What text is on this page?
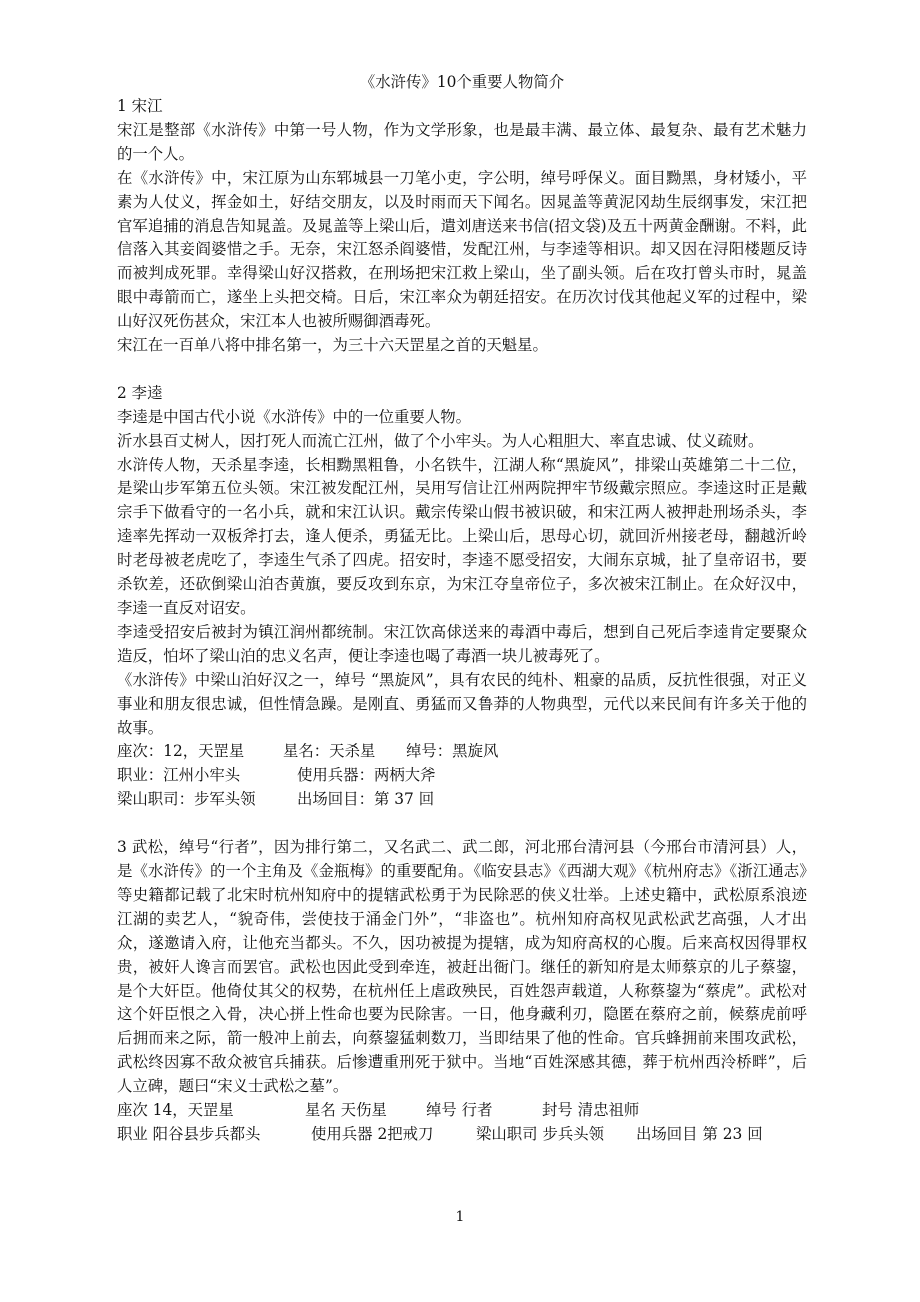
《水浒传》10个重要人物简介

1 宋江

宋江是整部《水浒传》中第一号人物，作为文学形象，也是最丰满、最立体、最复杂、最有艺术魅力的一个人。

在《水浒传》中，宋江原为山东郓城县一刀笔小吏，字公明，绰号呼保义。面目黝黑，身材矮小，平素为人仗义，挥金如土，好结交朋友，以及时雨而天下闻名。因晁盖等黄泥冈劫生辰纲事发，宋江把官军追捕的消息告知晁盖。及晁盖等上梁山后，遣刘唐送来书信(招文袋)及五十两黄金酬谢。不料，此信落入其妾阎婆惜之手。无奈，宋江怒杀阎婆惜，发配江州，与李逵等相识。却又因在浔阳楼题反诗而被判成死罪。幸得梁山好汉搭救，在刑场把宋江救上梁山，坐了副头领。后在攻打曾头市时，晁盖眼中毒箭而亡，遂坐上头把交椅。日后，宋江率众为朝廷招安。在历次讨伐其他起义军的过程中，梁山好汉死伤甚众，宋江本人也被所赐御酒毒死。

宋江在一百单八将中排名第一，为三十六天罡星之首的天魁星。

2 李逵

李逵是中国古代小说《水浒传》中的一位重要人物。

沂水县百丈树人，因打死人而流亡江州，做了个小牢头。为人心粗胆大、率直忠诚、仗义疏财。

水浒传人物，天杀星李逵，长相黝黑粗鲁，小名铁牛，江湖人称“黑旋风”，排梁山英雄第二十二位，是梁山步军第五位头领。宋江被发配江州，吴用写信让江州两院押牢节级戴宗照应。李逵这时正是戴宗手下做看守的一名小兵，就和宋江认识。戴宗传梁山假书被识破，和宋江两人被押赴刑场杀头，李逵率先挥动一双板斧打去，逢人便杀，勇猛无比。上梁山后，思母心切，就回沂州接老母，翻越沂岭时老母被老虎吃了，李逵生气杀了四虎。招安时，李逵不愿受招安，大闹东京城，扯了皇帝诏书，要杀钦差，还砍倒梁山泊杏黄旗，要反攻到东京，为宋江夺皇帝位子，多次被宋江制止。在众好汉中，李逵一直反对诏安。

李逵受招安后被封为镇江润州都统制。宋江饮高俅送来的毒酒中毒后，想到自己死后李逵肯定要聚众造反，怕坏了梁山泊的忠义名声，便让李逵也喝了毒酒一块儿被毒死了。

《水浒传》中梁山泊好汉之一，绰号 “黑旋风”，具有农民的纯朴、粗豪的品质，反抗性很强，对正义事业和朋友很忠诚，但性情急躁。是刚直、勇猛而又鲁莽的人物典型，元代以来民间有许多关于他的故事。

座次：12，天罡星	星名：天杀星	绰号：黑旋风
职业：江州小牢头	使用兵器：两柄大斧
梁山职司：步军头领	出场回目：第 37 回

3 武松，绰号“行者”，因为排行第二，又名武二、武二郎，河北邢台清河县（今邢台市清河县）人，是《水浒传》的一个主角及《金瓶梅》的重要配角。《临安县志》《西湖大观》《杭州府志》《浙江通志》等史籍都记载了北宋时杭州知府中的提辖武松勇于为民除恶的侠义壮举。上述史籍中，武松原系浪迹江湖的卖艺人，“貌奇伟，尝使技于涌金门外”，“非盗也”。杭州知府高权见武松武艺高强，人才出众，遂邀请入府，让他充当都头。不久，因功被提为提辖，成为知府高权的心腹。后来高权因得罪权贵，被奸人谗言而罢官。武松也因此受到牵连，被赶出衙门。继任的新知府是太师蔡京的儿子蔡鋆，是个大奸臣。他倚仗其父的权势，在杭州任上虐政殃民，百姓怨声载道，人称蔡鋆为“蔡虎”。武松对这个奸臣恨之入骨，决心拼上性命也要为民除害。一日，他身藏利刃，隐匿在蔡府之前，候蔡虎前呼后拥而来之际，箭一般冲上前去，向蔡鋆猛刺数刀，当即结果了他的性命。官兵蜂拥前来围攻武松，武松终因寡不敌众被官兵捕获。后惨遭重刑死于狱中。当地“百姓深感其德，葬于杭州西泠桥畔”，后人立碑，题曰“宋义士武松之墓”。

座次 14，天罡星	星名 天伤星	绰号 行者	封号 清忠祖师
职业 阳谷县步兵都头	使用兵器 2把戒刀	梁山职司 步兵头领	出场回目 第 23 回
1
